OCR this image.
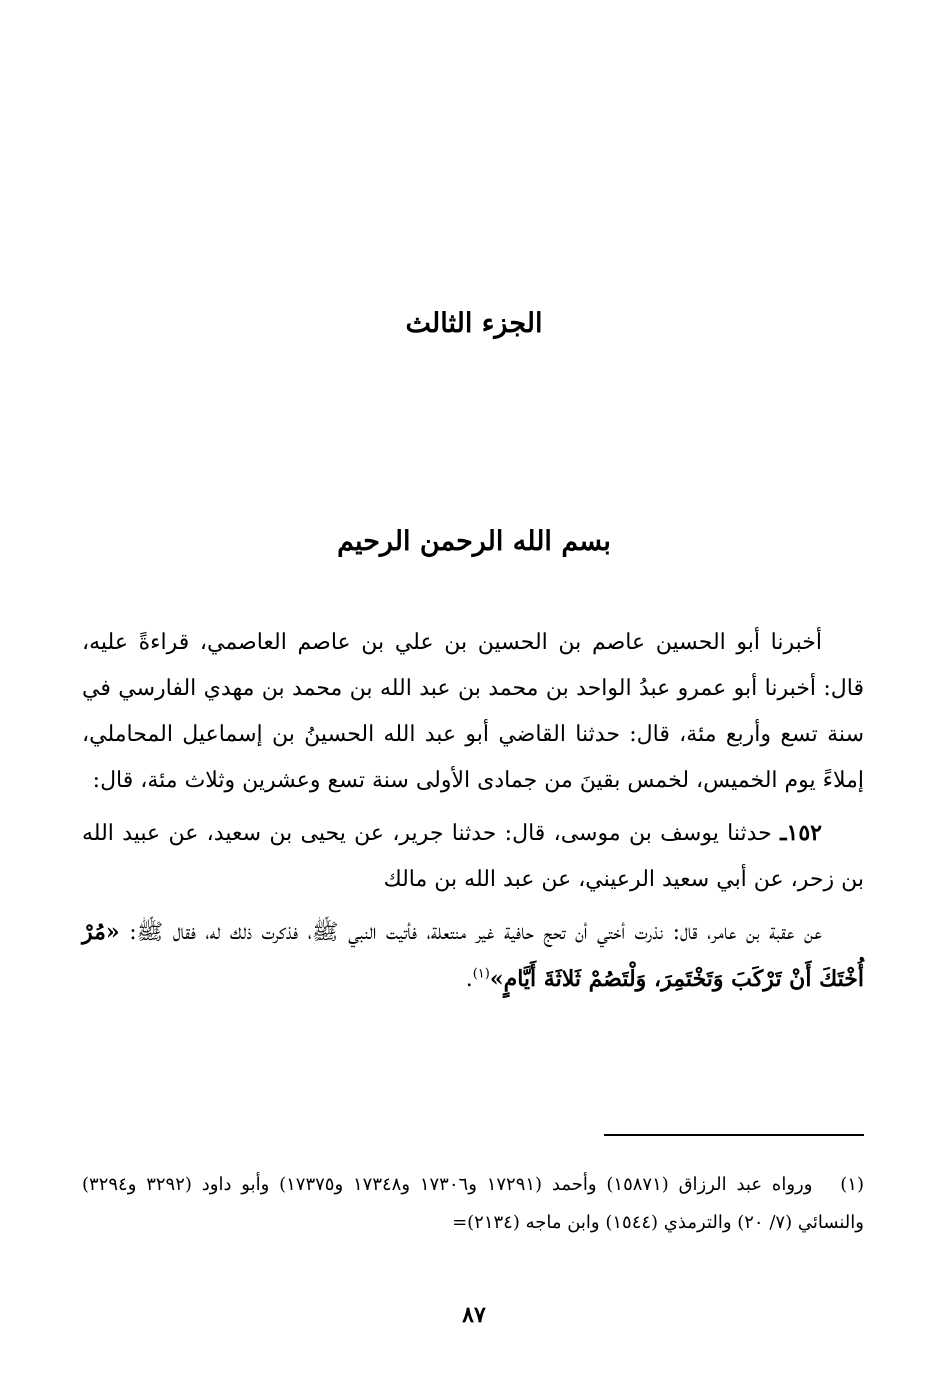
الجزء الثالث
بسم الله الرحمن الرحيم

أخبرنا أبو الحسين عاصم بن الحسين بن علي بن عاصم العاصمي، قراءةً عليه، قال: أخبرنا أبو عمرو عبدُ الواحد بن محمد بن عبد الله بن محمد بن مهدي الفارسي في سنة تسع وأربع مئة، قال: حدثنا القاضي أبو عبد الله الحسينُ بن إسماعيل المحاملي، إملاءً يوم الخميس، لخمس بقينَ من جمادى الأولى سنة تسع وعشرين وثلاث مئة، قال:

١٥٢ـ حدثنا يوسف بن موسى، قال: حدثنا جرير، عن يحيى بن سعيد، عن عبيد الله بن زحر، عن أبي سعيد الرعيني، عن عبد الله بن مالك

عن عقبة بن عامر، قال: نذرت أختي أن تحج حافية غير منتعلة، فأتيت النبي ﷺ، فذكرت ذلك له، فقال ﷺ: «مُرْ أُخْتَكَ أَنْ تَرْكَبَ وَتَخْتَمِرَ، وَلْتَصُمْ ثَلاثَةَ أَيَّامٍ»$^{(١)}$.

(١) ورواه عبد الرزاق (١٥٨٧١) وأحمد (١٧٢٩١ و١٧٣٠٦ و١٧٣٤٨ و١٧٣٧٥) وأبو داود (٣٢٩٢ و٣٢٩٤) والنسائي (٧/ ٢٠) والترمذي (١٥٤٤) وابن ماجه (٢١٣٤)=

٨٧
